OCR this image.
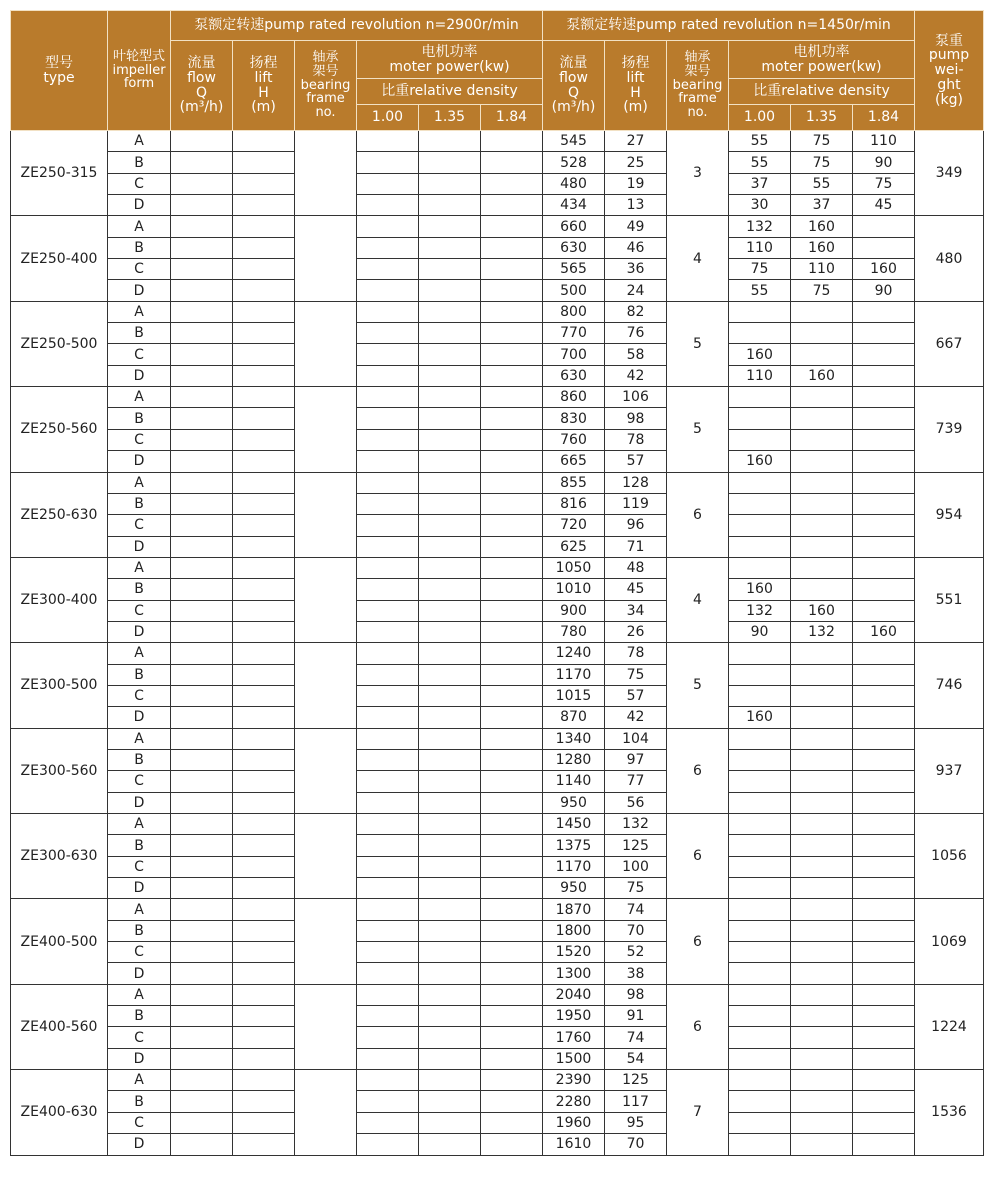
型号
type	叶轮型式
impeller
form	泵额定转速pump rated revolution n=2900r/min						泵额定转速pump rated revolution n=1450r/min						泵重
pump
wei-
ght
(kg)

		流量
flow
Q
(m³/h)	扬程
lift
H
(m)	轴承
架号
bearing
frame
no.	电机功率
moter power(kw)			流量
flow
Q
(m³/h)	扬程
lift
H
(m)	轴承
架号
bearing
frame
no.	电机功率
moter power(kw)			

					比重relative density						比重relative density			
					1.00	1.35	1.84				1.00	1.35	1.84	
ZE250-315	A							545	27	3	55	75	110	349
	B							528	25		55	75	90	
	C							480	19		37	55	75	
	D							434	13		30	37	45	
ZE250-400	A							660	49	4	132	160		480
	B							630	46		110	160		
	C							565	36		75	110	160	
	D							500	24		55	75	90	
ZE250-500	A							800	82	5				667
	B							770	76					
	C							700	58		160			
	D							630	42		110	160		
ZE250-560	A							860	106	5				739
	B							830	98					
	C							760	78					
	D							665	57		160			
ZE250-630	A							855	128	6				954
	B							816	119					
	C							720	96					
	D							625	71					
ZE300-400	A							1050	48	4				551
	B							1010	45		160			
	C							900	34		132	160		
	D							780	26		90	132	160	
ZE300-500	A							1240	78	5				746
	B							1170	75					
	C							1015	57					
	D							870	42		160			
ZE300-560	A							1340	104	6				937
	B							1280	97					
	C							1140	77					
	D							950	56					
ZE300-630	A							1450	132	6				1056
	B							1375	125					
	C							1170	100					
	D							950	75					
ZE400-500	A							1870	74	6				1069
	B							1800	70					
	C							1520	52					
	D							1300	38					
ZE400-560	A							2040	98	6				1224
	B							1950	91					
	C							1760	74					
	D							1500	54					
ZE400-630	A							2390	125	7				1536
	B							2280	117					
	C							1960	95					
	D							1610	70					
